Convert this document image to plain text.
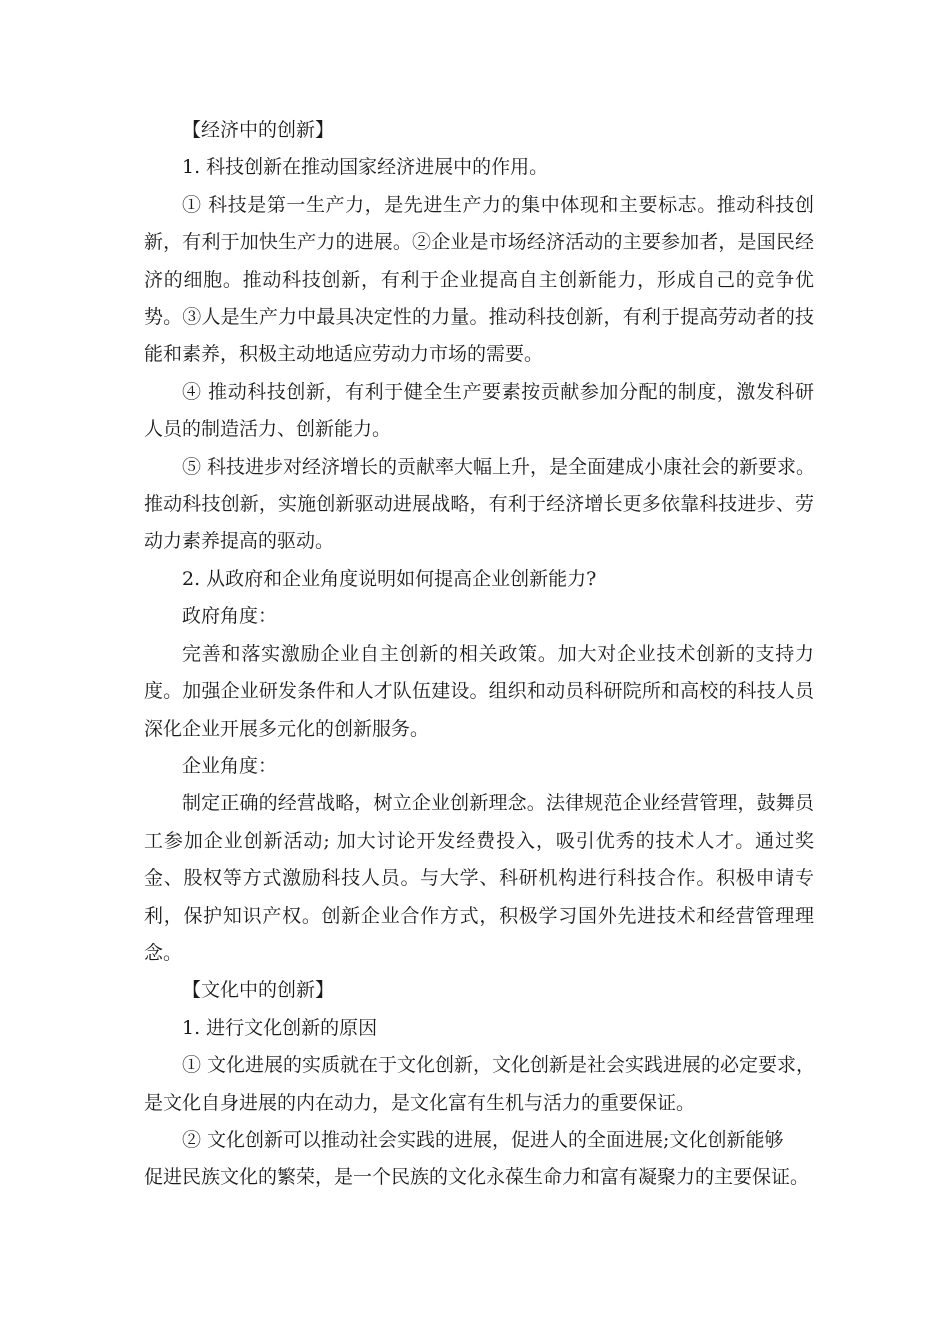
【经济中的创新】

1. 科技创新在推动国家经济进展中的作用。

① 科技是第一生产力，是先进生产力的集中体现和主要标志。推动科技创新，有利于加快生产力的进展。②企业是市场经济活动的主要参加者，是国民经济的细胞。推动科技创新，有利于企业提高自主创新能力，形成自己的竞争优势。③人是生产力中最具决定性的力量。推动科技创新，有利于提高劳动者的技能和素养，积极主动地适应劳动力市场的需要。

④ 推动科技创新，有利于健全生产要素按贡献参加分配的制度，激发科研人员的制造活力、创新能力。

⑤ 科技进步对经济增长的贡献率大幅上升，是全面建成小康社会的新要求。

推动科技创新，实施创新驱动进展战略，有利于经济增长更多依靠科技进步、劳动力素养提高的驱动。

2. 从政府和企业角度说明如何提高企业创新能力?

政府角度：

完善和落实激励企业自主创新的相关政策。加大对企业技术创新的支持力度。加强企业研发条件和人才队伍建设。组织和动员科研院所和高校的科技人员深化企业开展多元化的创新服务。

企业角度：

制定正确的经营战略，树立企业创新理念。法律规范企业经营管理，鼓舞员工参加企业创新活动; 加大讨论开发经费投入，吸引优秀的技术人才。通过奖金、股权等方式激励科技人员。与大学、科研机构进行科技合作。积极申请专利，保护知识产权。创新企业合作方式，积极学习国外先进技术和经营管理理念。

【文化中的创新】

1. 进行文化创新的原因

① 文化进展的实质就在于文化创新，文化创新是社会实践进展的必定要求，

是文化自身进展的内在动力，是文化富有生机与活力的重要保证。

② 文化创新可以推动社会实践的进展，促进人的全面进展;文化创新能够

促进民族文化的繁荣，是一个民族的文化永葆生命力和富有凝聚力的主要保证。
